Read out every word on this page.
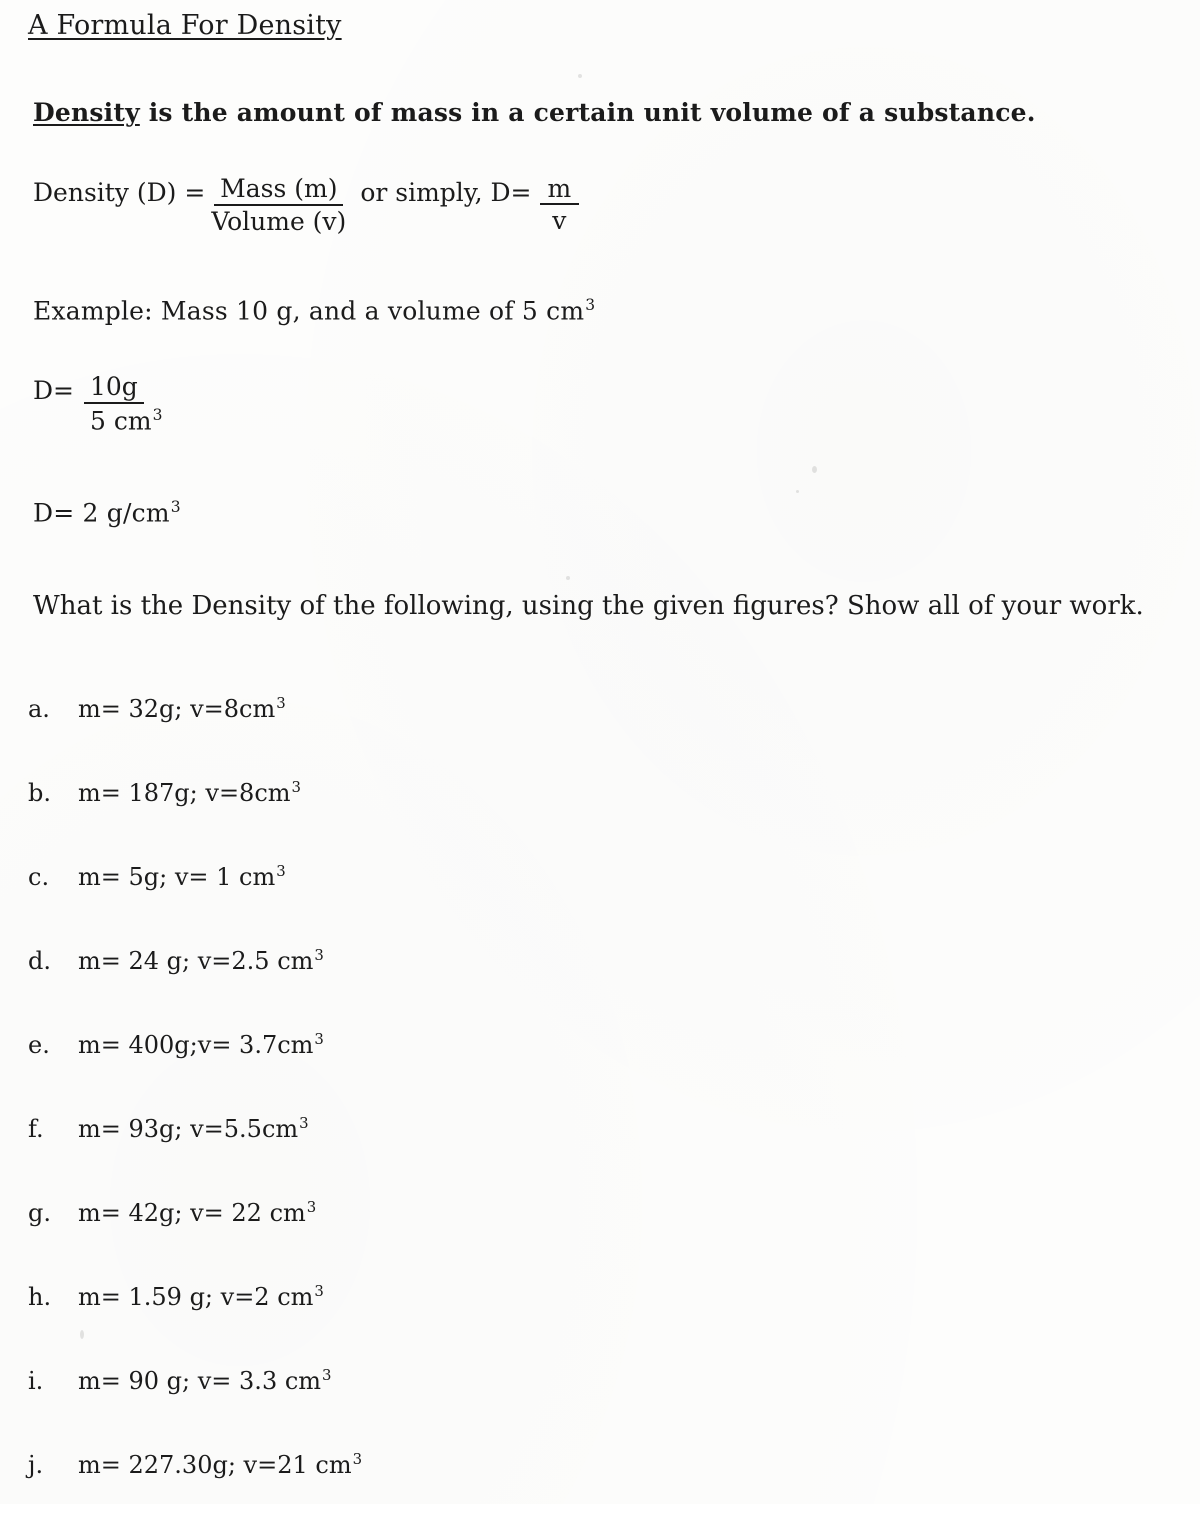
A Formula For Density
Density is the amount of mass in a certain unit volume of a substance.
Density $(D) = \frac{\text{Mass (m)}}{\text{Volume (v)}}$ or simply, $D= \frac{m}{v}$
Example: Mass 10 g, and a volume of 5 $cm^3$
$D= \frac{10g}{5 cm^3}$
D= 2 $g/cm^3$
What is the Density of the following, using the given figures? Show all of your work.
a. m= 32g; $v=8cm^3$
b. m= 187g; $v=8cm^3$
c. m= 5g; v= 1 $cm^3$
d. m= 24 g; v=2.5 $cm^3$
e. m= 400g;v= $3.7cm^3$
f. m= 93g; $v=5.5cm^3$
g. m= 42g; v= 22 $cm^3$
h. m= 1.59 g; v=2 $cm^3$
i. m= 90 g; v= 3.3 $cm^3$
j. m= 227.30g; v=21 $cm^3$
